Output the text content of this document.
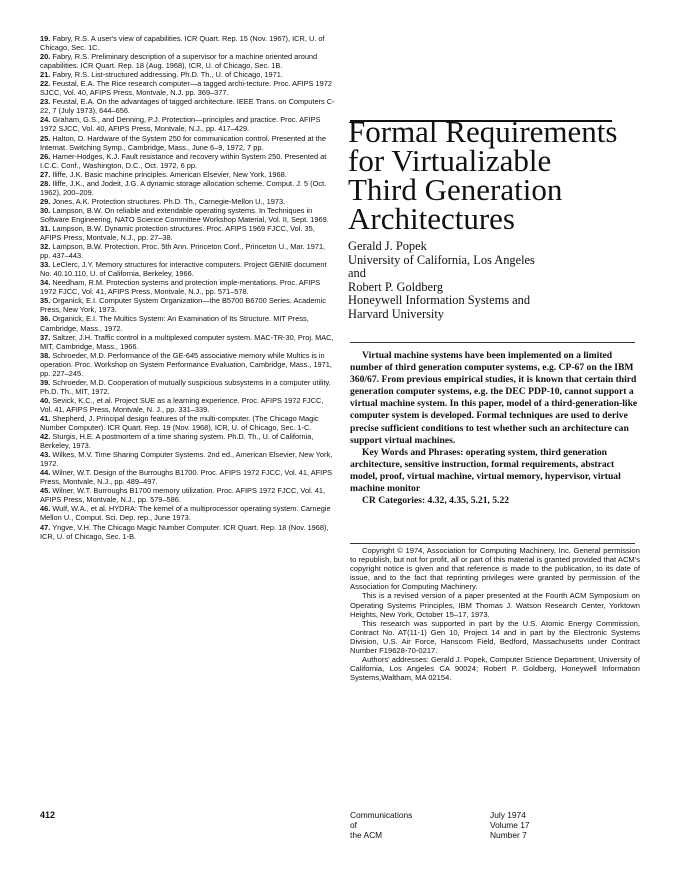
19. Fabry, R.S. A user's view of capabilities. ICR Quart. Rep. 15 (Nov. 1967), ICR, U. of Chicago, Sec. 1C.

20. Fabry, R.S. Preliminary description of a supervisor for a machine oriented around capabilities. ICR Quart. Rep. 18 (Aug. 1968), ICR, U. of Chicago, Sec. 1B.

21. Fabry, R.S. List-structured addressing. Ph.D. Th., U. of Chicago, 1971.

22. Feustal, E.A. The Rice research computer—a tagged archi-tecture. Proc. AFIPS 1972 SJCC, Vol. 40, AFIPS Press, Montvale, N.J. pp. 369–377.

23. Feustal, E.A. On the advantages of tagged architecture. IEEE Trans. on Computers C-22, 7 (July 1973), 644–656.

24. Graham, G.S., and Denning, P.J. Protection—principles and practice. Proc. AFIPS 1972 SJCC, Vol. 40, AFIPS Press, Montvale, N.J., pp. 417–429.

25. Halton, D. Hardware of the System 250 for communication control. Presented at the Internat. Switching Symp., Cambridge, Mass., June 6–9, 1972, 7 pp.

26. Hamer-Hodges, K.J. Fault resistance and recovery within System 250. Presented at I.C.C. Conf., Washington, D.C., Oct. 1972, 6 pp.

27. Iliffe, J.K. Basic machine principles. American Elsevier, New York, 1968.

28. Iliffe, J.K., and Jodeit, J.G. A dynamic storage allocation scheme. Comput. J. 5 (Oct. 1962), 200–209.

29. Jones, A.K. Protection structures. Ph.D. Th., Carnegie-Mellon U., 1973.

30. Lampson, B.W. On reliable and extendable operating systems. In Techniques in Software Engineering, NATO Science Committee Workshop Material, Vol. II, Sept. 1969.

31. Lampson, B.W. Dynamic protection structures. Proc. AFIPS 1969 FJCC, Vol. 35, AFIPS Press, Montvale, N.J., pp. 27–38.

32. Lampson, B.W. Protection. Proc. 5th Ann. Princeton Conf., Princeton U., Mar. 1971, pp. 437–443.

33. LeClerc, J.Y. Memory structures for interactive computers. Project GENIE document No. 40.10.110, U. of California, Berkeley, 1966.

34. Needham, R.M. Protection systems and protection imple-mentations. Proc. AFIPS 1972 FJCC, Vol. 41, AFIPS Press, Montvale, N.J., pp. 571–578.

35. Organick, E.I. Computer System Organization—the B5700 B6700 Series. Academic Press, New York, 1973.

36. Organick, E.I. The Multics System: An Examination of Its Structure. MIT Press, Cambridge, Mass., 1972.

37. Saltzer, J.H. Traffic control in a multiplexed computer system. MAC-TR-30, Proj. MAC, MIT, Cambridge, Mass., 1966.

38. Schroeder, M.D. Performance of the GE-645 associative memory while Multics is in operation. Proc. Workshop on System Performance Evaluation, Cambridge, Mass., 1971, pp. 227–245.

39. Schroeder, M.D. Cooperation of mutually suspicious subsystems in a computer utility. Ph.D. Th., MIT, 1972.

40. Sevick, K.C., et al. Project SUE as a learning experience. Proc. AFIPS 1972 FJCC, Vol. 41, AFIPS Press, Montvale, N. J., pp. 331–339.

41. Shepherd, J. Principal design features of the multi-computer. (The Chicago Magic Number Computer). ICR Quart. Rep. 19 (Nov. 1968), ICR, U. of Chicago, Sec. 1-C.

42. Sturgis, H.E. A postmortem of a time sharing system. Ph.D. Th., U. of California, Berkeley, 1973.

43. Wilkes, M.V. Time Sharing Computer Systems. 2nd ed., American Elsevier, New York, 1972.

44. Wilner, W.T. Design of the Burroughs B1700. Proc. AFIPS 1972 FJCC, Vol. 41, AFIPS Press, Montvale, N.J., pp. 489–497.

45. Wilner, W.T. Burroughs B1700 memory utilization. Proc. AFIPS 1972 FJCC, Vol. 41, AFIPS Press, Montvale, N.J., pp. 579–586.

46. Wulf, W.A., et al. HYDRA: The kernel of a multiprocessor operating system. Carnegie Mellon U., Comput. Sci. Dep. rep., June 1973.

47. Yngve, V.H. The Chicago Magic Number Computer. ICR Quart. Rep. 18 (Nov. 1968), ICR, U. of Chicago, Sec. 1-B.

412
Formal Requirements
for Virtualizable
Third Generation
Architectures
Gerald J. Popek
University of California, Los Angeles
and
Robert P. Goldberg
Honeywell Information Systems and
Harvard University

Virtual machine systems have been implemented on a limited number of third generation computer systems, e.g. CP-67 on the IBM 360/67. From previous empirical studies, it is known that certain third generation computer systems, e.g. the DEC PDP-10, cannot support a virtual machine system. In this paper, model of a third-generation-like computer system is developed. Formal techniques are used to derive precise sufficient conditions to test whether such an architecture can support virtual machines.

Key Words and Phrases: operating system, third generation architecture, sensitive instruction, formal requirements, abstract model, proof, virtual machine, virtual memory, hypervisor, virtual machine monitor

CR Categories: 4.32, 4.35, 5.21, 5.22

Copyright © 1974, Association for Computing Machinery, Inc. General permission to republish, but not for profit, all or part of this material is granted provided that ACM's copyright notice is given and that reference is made to the publication, to its date of issue, and to the fact that reprinting privileges were granted by permission of the Association for Computing Machinery.

This is a revised version of a paper presented at the Fourth ACM Symposium on Operating Systems Principles, IBM Thomas J. Watson Research Center, Yorktown Heights, New York, October 15–17, 1973.

This research was supported in part by the U.S. Atomic Energy Commission, Contract No. AT(11-1) Gen 10, Project 14 and in part by the Electronic Systems Division, U.S. Air Force, Hanscom Field, Bedford, Massachusetts under Contract Number F19628-70-0217.

Authors' addresses: Gerald J. Popek, Computer Science Department, University of California, Los Angeles CA 90024; Robert P. Goldberg, Honeywell Information Systems,Waltham, MA 02154.

Communications
of
the ACM
July 1974
Volume 17
Number 7
